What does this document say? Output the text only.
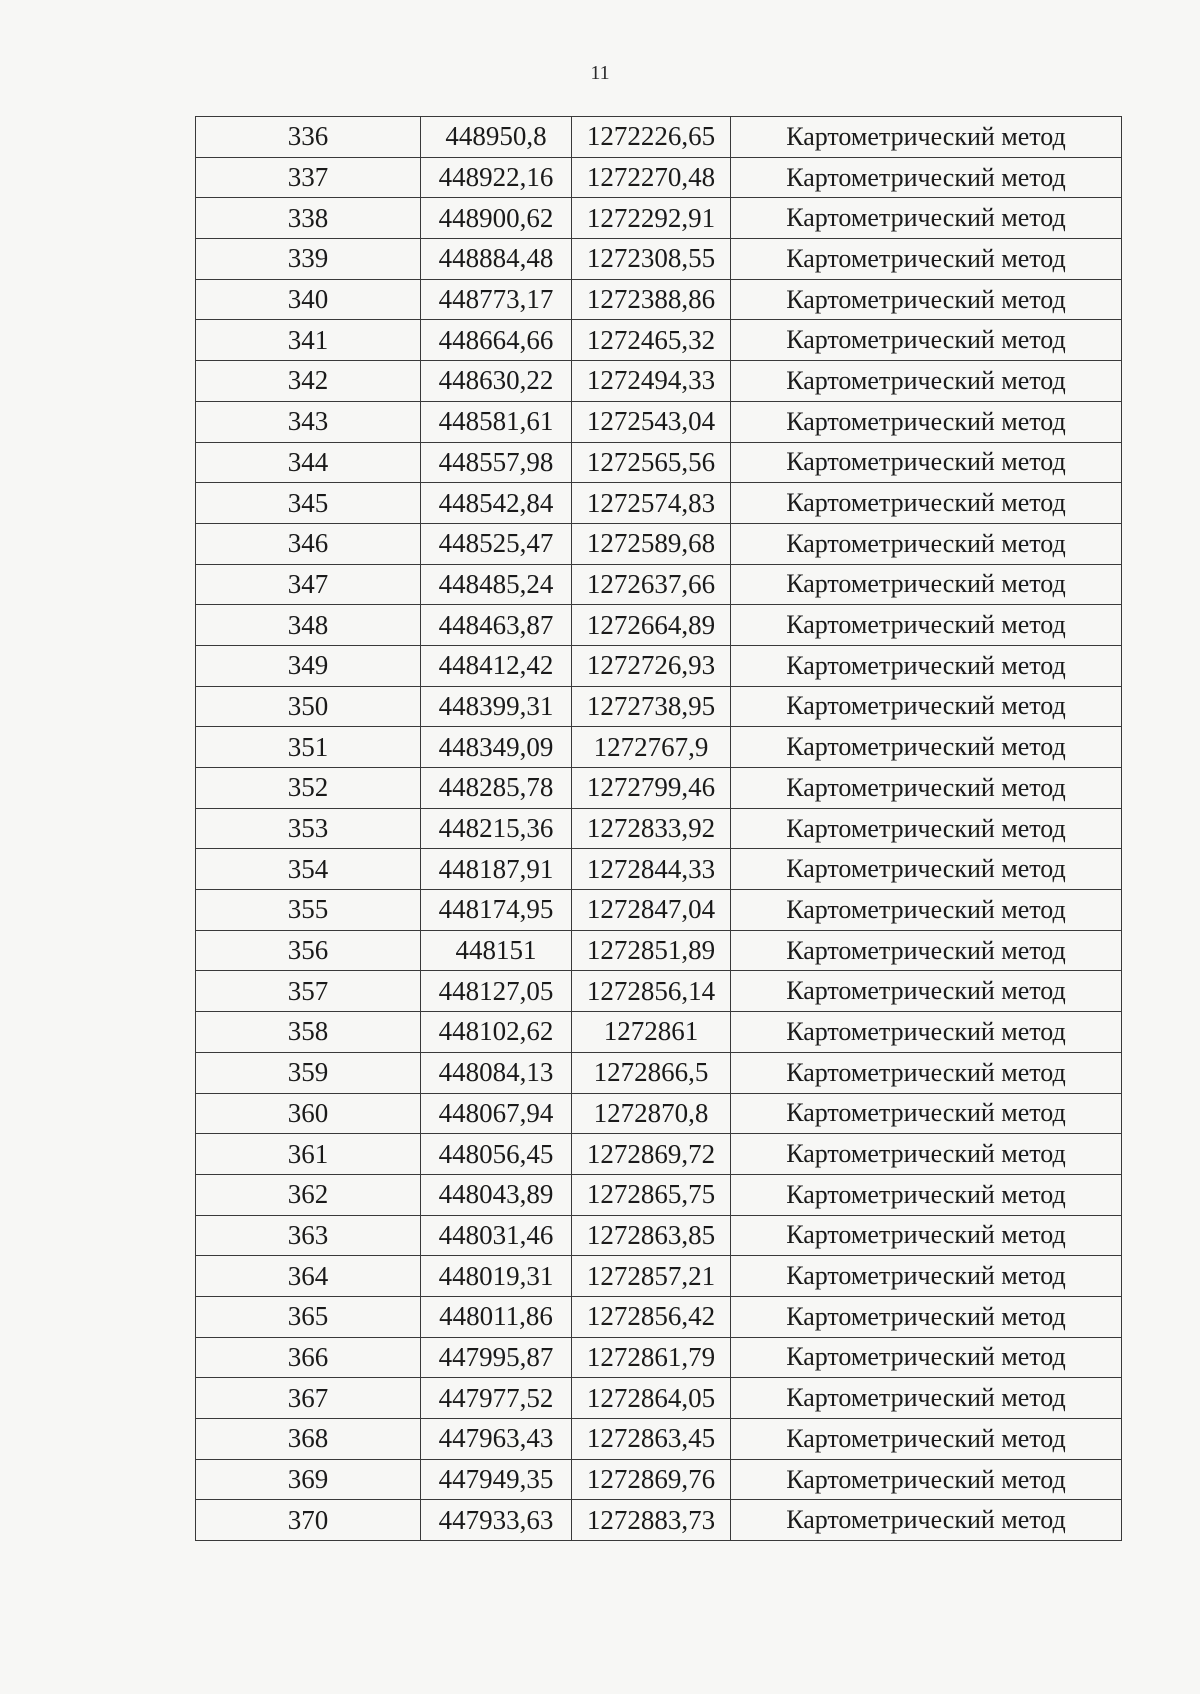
11
336	448950,8	1272226,65	Картометрический метод
337	448922,16	1272270,48	Картометрический метод
338	448900,62	1272292,91	Картометрический метод
339	448884,48	1272308,55	Картометрический метод
340	448773,17	1272388,86	Картометрический метод
341	448664,66	1272465,32	Картометрический метод
342	448630,22	1272494,33	Картометрический метод
343	448581,61	1272543,04	Картометрический метод
344	448557,98	1272565,56	Картометрический метод
345	448542,84	1272574,83	Картометрический метод
346	448525,47	1272589,68	Картометрический метод
347	448485,24	1272637,66	Картометрический метод
348	448463,87	1272664,89	Картометрический метод
349	448412,42	1272726,93	Картометрический метод
350	448399,31	1272738,95	Картометрический метод
351	448349,09	1272767,9	Картометрический метод
352	448285,78	1272799,46	Картометрический метод
353	448215,36	1272833,92	Картометрический метод
354	448187,91	1272844,33	Картометрический метод
355	448174,95	1272847,04	Картометрический метод
356	448151	1272851,89	Картометрический метод
357	448127,05	1272856,14	Картометрический метод
358	448102,62	1272861	Картометрический метод
359	448084,13	1272866,5	Картометрический метод
360	448067,94	1272870,8	Картометрический метод
361	448056,45	1272869,72	Картометрический метод
362	448043,89	1272865,75	Картометрический метод
363	448031,46	1272863,85	Картометрический метод
364	448019,31	1272857,21	Картометрический метод
365	448011,86	1272856,42	Картометрический метод
366	447995,87	1272861,79	Картометрический метод
367	447977,52	1272864,05	Картометрический метод
368	447963,43	1272863,45	Картометрический метод
369	447949,35	1272869,76	Картометрический метод
370	447933,63	1272883,73	Картометрический метод
